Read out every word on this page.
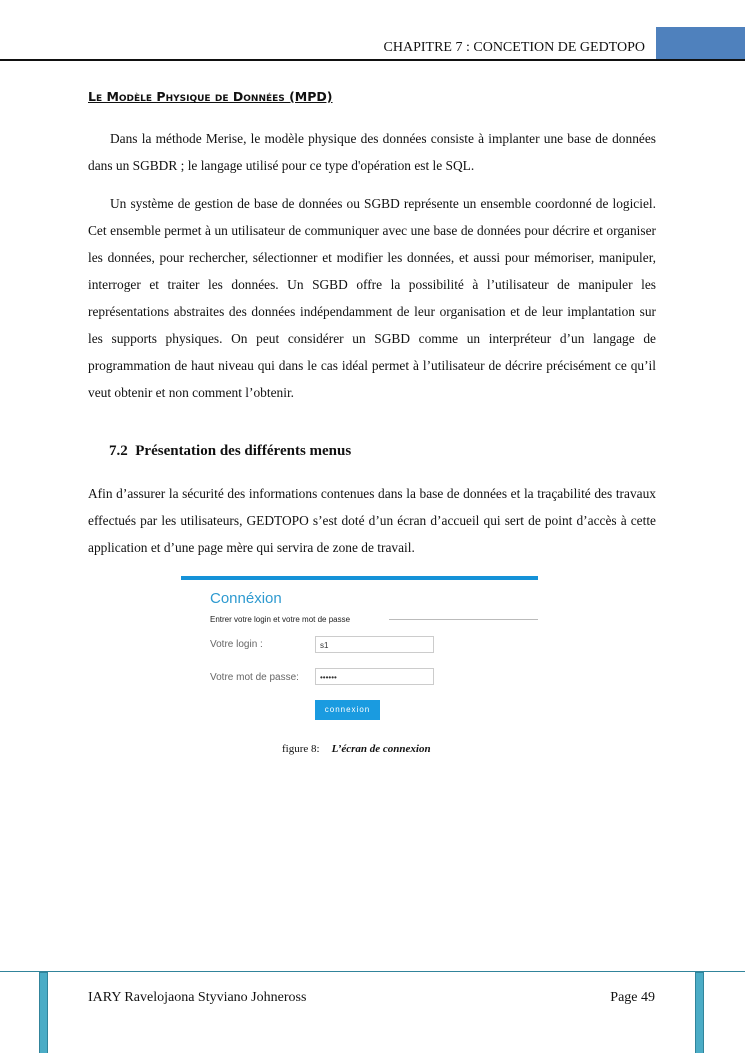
CHAPITRE 7 : CONCETION DE GEDTOPO
Le Modèle Physique de Données (MPD)

Dans la méthode Merise, le modèle physique des données consiste à implanter une base de données dans un SGBDR ; le langage utilisé pour ce type d'opération est le SQL.

Un système de gestion de base de données ou SGBD représente un ensemble coordonné de logiciel. Cet ensemble permet à un utilisateur de communiquer avec une base de données pour décrire et organiser les données, pour rechercher, sélectionner et modifier les données, et aussi pour mémoriser, manipuler, interroger et traiter les données. Un SGBD offre la possibilité à l’utilisateur de manipuler les représentations abstraites des données indépendamment de leur organisation et de leur implantation sur les supports physiques. On peut considérer un SGBD comme un interpréteur d’un langage de programmation de haut niveau qui dans le cas idéal permet à l’utilisateur de décrire précisément ce qu’il veut obtenir et non comment l’obtenir.

7.2 Présentation des différents menus

Afin d’assurer la sécurité des informations contenues dans la base de données et la traçabilité des travaux effectués par les utilisateurs, GEDTOPO s’est doté d’un écran d’accueil qui sert de point d’accès à cette application et d’une page mère qui servira de zone de travail.

Connéxion
Entrer votre login et votre mot de passe
Votre login :	s1
Votre mot de passe:	••••••
connexion
figure 8: L’écran de connexion
IARY Ravelojaona Styviano Johneross	Page 49
